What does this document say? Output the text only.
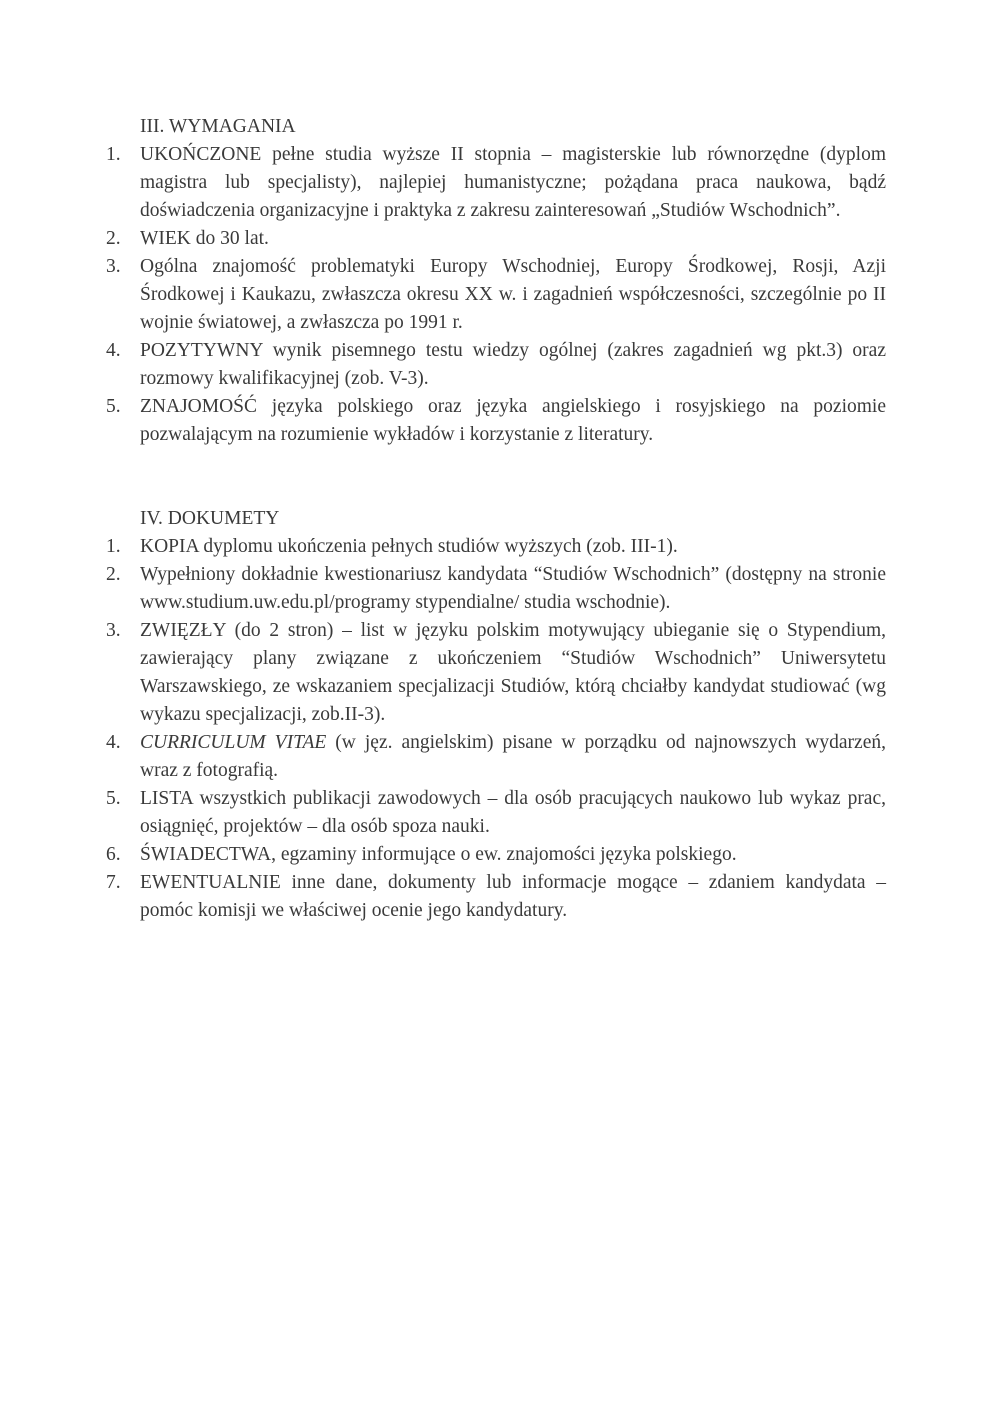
III. WYMAGANIA
1. UKOŃCZONE pełne studia wyższe II stopnia – magisterskie lub równorzędne (dyplom magistra lub specjalisty), najlepiej humanistyczne; pożądana praca naukowa, bądź doświadczenia organizacyjne i praktyka z zakresu zainteresowań „Studiów Wschodnich”.
2. WIEK do 30 lat.
3. Ogólna znajomość problematyki Europy Wschodniej, Europy Środkowej, Rosji, Azji Środkowej i Kaukazu, zwłaszcza okresu XX w. i zagadnień współczesności, szczególnie po II wojnie światowej, a zwłaszcza po 1991 r.
4. POZYTYWNY wynik pisemnego testu wiedzy ogólnej (zakres zagadnień wg pkt.3) oraz rozmowy kwalifikacyjnej (zob. V-3).
5. ZNAJOMOŚĆ języka polskiego oraz języka angielskiego i rosyjskiego na poziomie pozwalającym na rozumienie wykładów i korzystanie z literatury.
IV. DOKUMETY
1. KOPIA dyplomu ukończenia pełnych studiów wyższych (zob. III-1).
2. Wypełniony dokładnie kwestionariusz kandydata “Studiów Wschodnich” (dostępny na stronie www.studium.uw.edu.pl/programy stypendialne/ studia wschodnie).
3. ZWIĘZŁY (do 2 stron) – list w języku polskim motywujący ubieganie się o Stypendium, zawierający plany związane z ukończeniem “Studiów Wschodnich” Uniwersytetu Warszawskiego, ze wskazaniem specjalizacji Studiów, którą chciałby kandydat studiować (wg wykazu specjalizacji, zob.II-3).
4. CURRICULUM VITAE (w jęz. angielskim) pisane w porządku od najnowszych wydarzeń, wraz z fotografią.
5. LISTA wszystkich publikacji zawodowych – dla osób pracujących naukowo lub wykaz prac, osiągnięć, projektów – dla osób spoza nauki.
6. ŚWIADECTWA, egzaminy informujące o ew. znajomości języka polskiego.
7. EWENTUALNIE inne dane, dokumenty lub informacje mogące – zdaniem kandydata – pomóc komisji we właściwej ocenie jego kandydatury.
